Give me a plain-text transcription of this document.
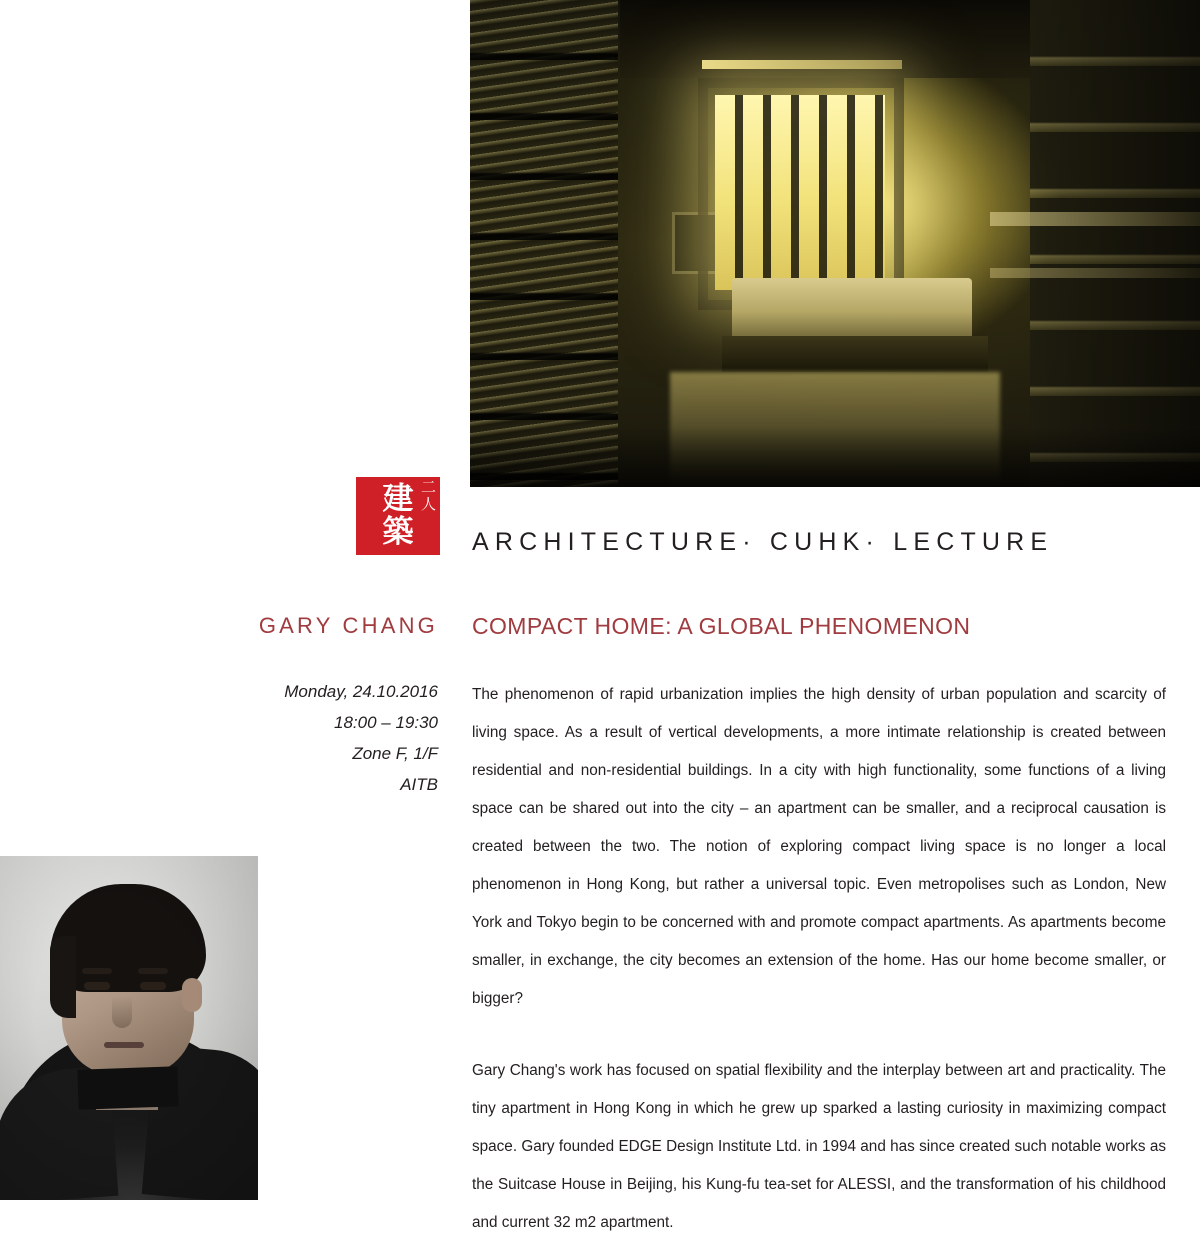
建
築
二
人
ARCHITECTURE· CUHK· LECTURE
GARY CHANG
Monday, 24.10.2016
18:00 – 19:30
Zone F, 1/F
AITB
COMPACT HOME: A GLOBAL PHENOMENON

The phenomenon of rapid urbanization implies the high density of urban population and scarcity of living space. As a result of vertical developments, a more intimate relationship is created between residential and non-residential buildings. In a city with high functionality, some functions of a living space can be shared out into the city – an apartment can be smaller, and a reciprocal causation is created between the two. The notion of exploring compact living space is no longer a local phenomenon in Hong Kong, but rather a universal topic. Even metropolises such as London, New York and Tokyo begin to be concerned with and promote compact apartments. As apartments become smaller, in exchange, the city becomes an extension of the home. Has our home become smaller, or bigger?

Gary Chang's work has focused on spatial flexibility and the interplay between art and practicality. The tiny apartment in Hong Kong in which he grew up sparked a lasting curiosity in maximizing compact space. Gary founded EDGE Design Institute Ltd. in 1994 and has since created such notable works as the Suitcase House in Beijing, his Kung-fu tea-set for ALESSI, and the transformation of his childhood and current 32 m2 apartment.
